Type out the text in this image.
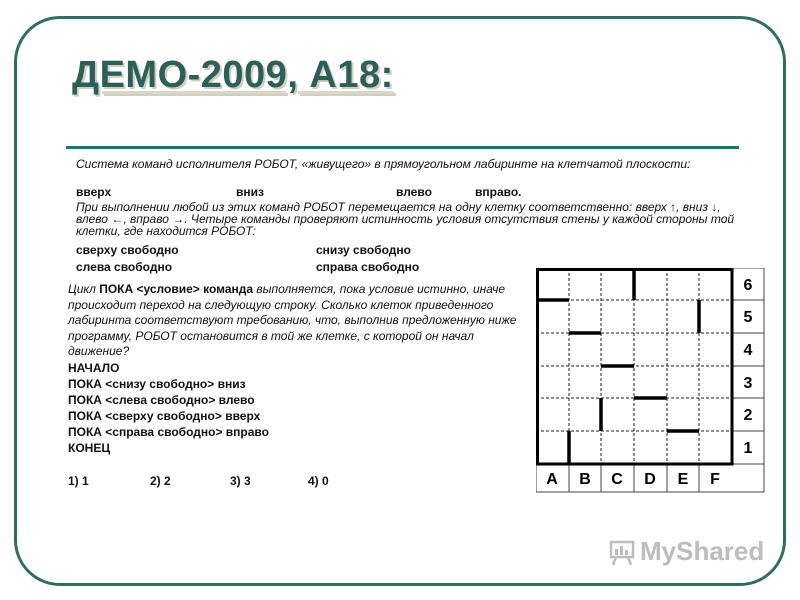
ДЕМО-2009, А18:
Система команд исполнителя РОБОТ, «живущего» в прямоугольном лабиринте на клетчатой плоскости:
вверх	вниз	влево	вправо.
При выполнении любой из этих команд РОБОТ перемещается на одну клетку соответственно: вверх ↑, вниз ↓, влево ←, вправо →. Четыре команды проверяют истинность условия отсутствия стены у каждой стороны той клетки, где находится РОБОТ:
сверху свободно	снизу свободно
слева свободно	справа свободно
Цикл ПОКА <условие> команда выполняется, пока условие истинно, иначе происходит переход на следующую строку. Сколько клеток приведенного лабиринта соответствуют требованию, что, выполнив предложенную ниже программу, РОБОТ остановится в той же клетке, с которой он начал движение?
НАЧАЛО
ПОКА <снизу свободно> вниз
ПОКА <слева свободно> влево
ПОКА <сверху свободно> вверх
ПОКА <справа свободно> вправо
КОНЕЦ
1) 1	2) 2	3) 3	4) 0	A B C D E F
6
5
4
3
2
1
MyShared
